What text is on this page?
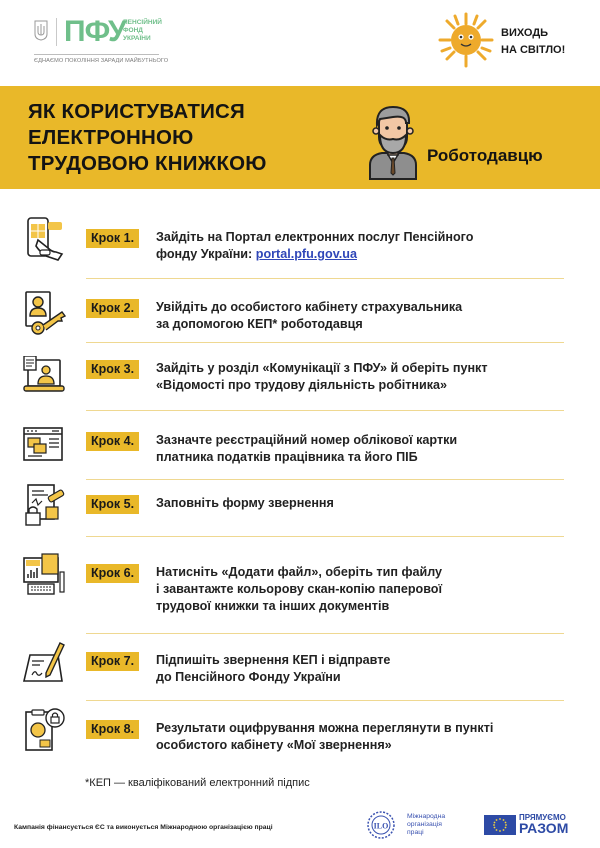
ПФУ
ПЕНСІЙНИЙ
ФОНД
УКРАЇНИ
ЄДНАЄМО ПОКОЛІННЯ ЗАРАДИ МАЙБУТНЬОГО
ВИХОДЬ
НА СВІТЛО!
ЯК КОРИСТУВАТИСЯ
ЕЛЕКТРОННОЮ
ТРУДОВОЮ КНИЖКОЮ	Роботодавцю
Крок 1.	Зайдіть на Портал електронних послуг Пенсійного
фонду України: portal.pfu.gov.ua
Крок 2.	Увійдіть до особистого кабінету страхувальника
за допомогою КЕП* роботодавця
Крок 3.	Зайдіть у розділ «Комунікації з ПФУ» й оберіть пункт
«Відомості про трудову діяльність робітника»
Крок 4.	Зазначте реєстраційний номер облікової картки
платника податків працівника та його ПІБ
Крок 5.	Заповніть форму звернення
Крок 6.	Натисніть «Додати файл», оберіть тип файлу
і завантажте кольорову скан-копію паперової
трудової книжки та інших документів
Крок 7.	Підпишіть звернення КЕП і відправте
до Пенсійного Фонду України
Крок 8.	Результати оцифрування можна переглянути в пункті
особистого кабінету «Мої звернення»
*КЕП — кваліфікований електронний підпис
Кампанія фінансується ЄС та виконується Міжнародною організацією праці	ILO
Міжнародна
організація
праці
ПРЯМУЄМО
РАЗОМ
